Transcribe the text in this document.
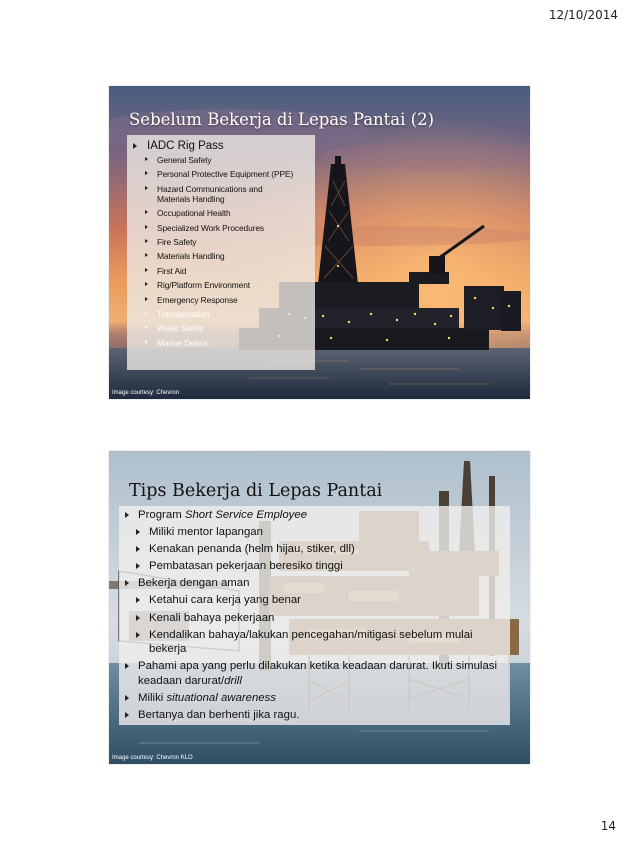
12/10/2014
Sebelum Bekerja di Lepas Pantai (2)
IADC Rig Pass
General Safety
Personal Protective Equipment (PPE)
Hazard Communications and
Materials Handling
Occupational Health
Specialized Work Procedures
Fire Safety
Materials Handling
First Aid
Rig/Platform Environment
Emergency Response
Transportation
Water Safety
Marine Debris.
Image courtesy: Chevron
Tips Bekerja di Lepas Pantai
Program Short Service Employee
Miliki mentor lapangan
Kenakan penanda (helm hijau, stiker, dll)
Pembatasan pekerjaan beresiko tinggi
Bekerja dengan aman
Ketahui cara kerja yang benar
Kenali bahaya pekerjaan
Kendalikan bahaya/lakukan pencegahan/mitigasi sebelum mulai bekerja
Pahami apa yang perlu dilakukan ketika keadaan darurat. Ikuti simulasi keadaan darurat/drill
Miliki situational awareness
Bertanya dan berhenti jika ragu.
Image courtesy: Chevron KLO
14
